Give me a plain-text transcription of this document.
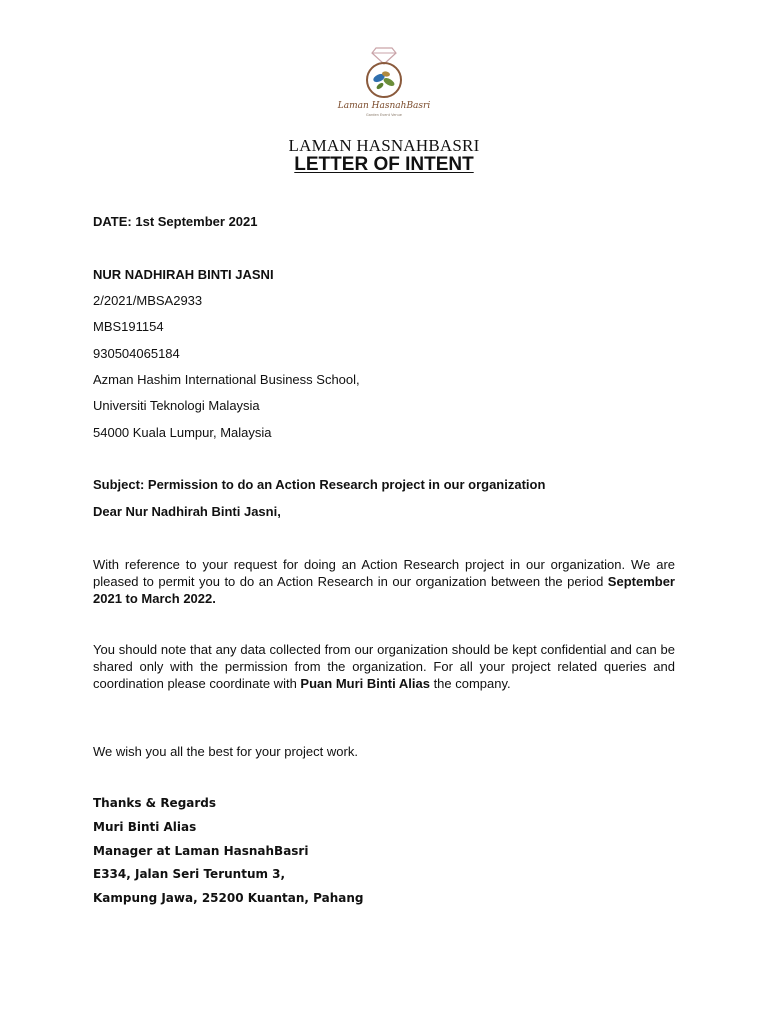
Laman HasnahBasri
Garden Event Venue
LAMAN HASNAHBASRI
LETTER OF INTENT
DATE: 1st September 2021
NUR NADHIRAH BINTI JASNI
2/2021/MBSA2933
MBS191154
930504065184
Azman Hashim International Business School,
Universiti Teknologi Malaysia
54000 Kuala Lumpur, Malaysia
Subject: Permission to do an Action Research project in our organization
Dear Nur Nadhirah Binti Jasni,
With reference to your request for doing an Action Research project in our organization. We are pleased to permit you to do an Action Research in our organization between the period September 2021 to March 2022.
You should note that any data collected from our organization should be kept confidential and can be shared only with the permission from the organization. For all your project related queries and coordination please coordinate with Puan Muri Binti Alias the company.
We wish you all the best for your project work.
Thanks & Regards
Muri Binti Alias
Manager at Laman HasnahBasri
E334, Jalan Seri Teruntum 3,
Kampung Jawa, 25200 Kuantan, Pahang
